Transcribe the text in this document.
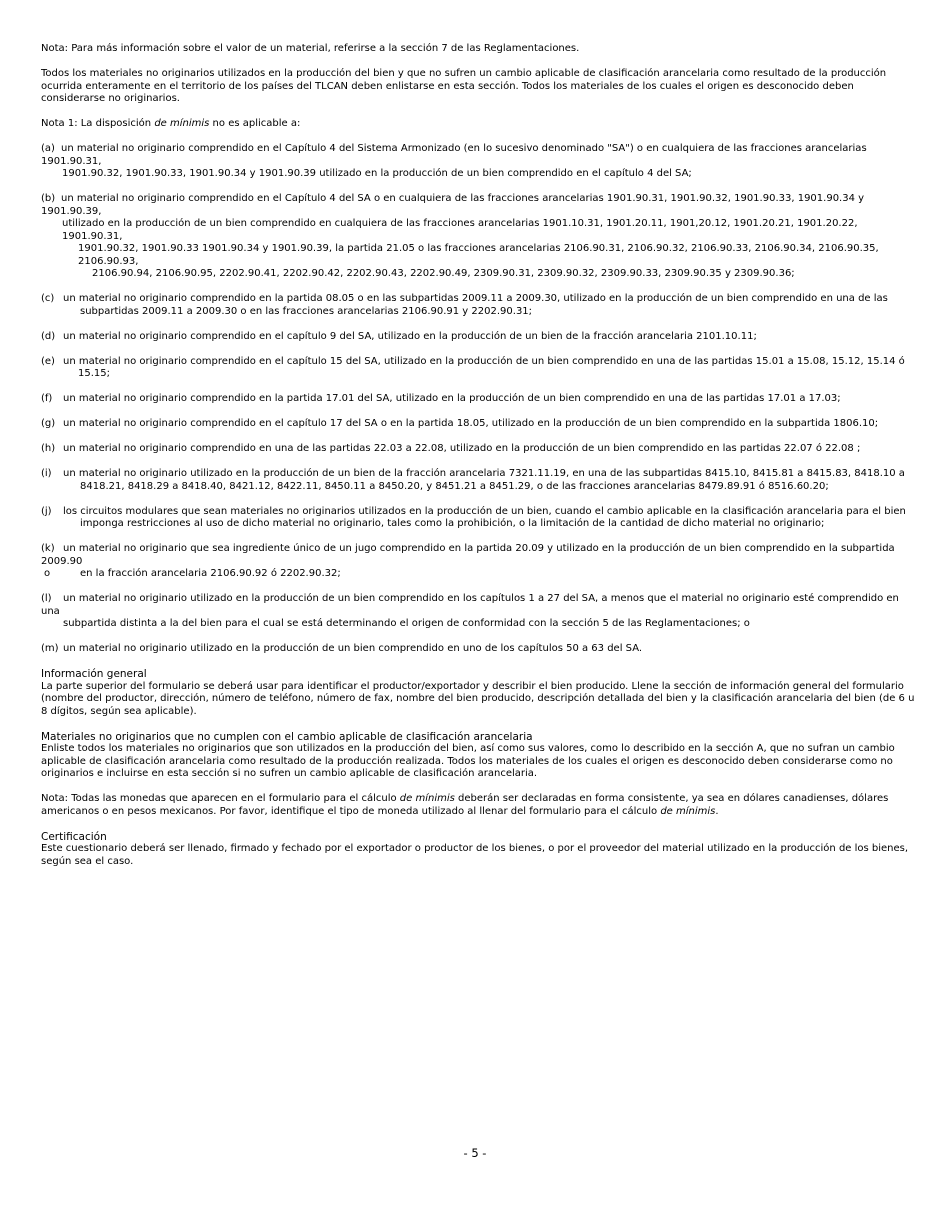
Nota: Para más información sobre el valor de un material, referirse a la sección 7 de las Reglamentaciones.

Todos los materiales no originarios utilizados en la producción del bien y que no sufren un cambio aplicable de clasificación arancelaria como resultado de la producción ocurrida enteramente en el territorio de los países del TLCAN deben enlistarse en esta sección. Todos los materiales de los cuales el origen es desconocido deben considerarse no originarios.

Nota 1: La disposición de mínimis no es aplicable a:

(a) un material no originario comprendido en el Capítulo 4 del Sistema Armonizado (en lo sucesivo denominado "SA") o en cualquiera de las fracciones arancelarias 1901.90.31,
1901.90.32, 1901.90.33, 1901.90.34 y 1901.90.39 utilizado en la producción de un bien comprendido en el capítulo 4 del SA;
(b) un material no originario comprendido en el Capítulo 4 del SA o en cualquiera de las fracciones arancelarias 1901.90.31, 1901.90.32, 1901.90.33, 1901.90.34 y 1901.90.39,
utilizado en la producción de un bien comprendido en cualquiera de las fracciones arancelarias 1901.10.31, 1901.20.11, 1901,20.12, 1901.20.21, 1901.20.22, 1901.90.31,
1901.90.32, 1901.90.33 1901.90.34 y 1901.90.39, la partida 21.05 o las fracciones arancelarias 2106.90.31, 2106.90.32, 2106.90.33, 2106.90.34, 2106.90.35, 2106.90.93,
2106.90.94, 2106.90.95, 2202.90.41, 2202.90.42, 2202.90.43, 2202.90.49, 2309.90.31, 2309.90.32, 2309.90.33, 2309.90.35 y 2309.90.36;
(c) un material no originario comprendido en la partida 08.05 o en las subpartidas 2009.11 a 2009.30, utilizado en la producción de un bien comprendido en una de las
subpartidas 2009.11 a 2009.30 o en las fracciones arancelarias 2106.90.91 y 2202.90.31;
(d) un material no originario comprendido en el capítulo 9 del SA, utilizado en la producción de un bien de la fracción arancelaria 2101.10.11;
(e) un material no originario comprendido en el capítulo 15 del SA, utilizado en la producción de un bien comprendido en una de las partidas 15.01 a 15.08, 15.12, 15.14 ó
15.15;
(f) un material no originario comprendido en la partida 17.01 del SA, utilizado en la producción de un bien comprendido en una de las partidas 17.01 a 17.03;
(g) un material no originario comprendido en el capítulo 17 del SA o en la partida 18.05, utilizado en la producción de un bien comprendido en la subpartida 1806.10;
(h) un material no originario comprendido en una de las partidas 22.03 a 22.08, utilizado en la producción de un bien comprendido en las partidas 22.07 ó 22.08 ;
(i) un material no originario utilizado en la producción de un bien de la fracción arancelaria 7321.11.19, en una de las subpartidas 8415.10, 8415.81 a 8415.83, 8418.10 a
8418.21, 8418.29 a 8418.40, 8421.12, 8422.11, 8450.11 a 8450.20, y 8451.21 a 8451.29, o de las fracciones arancelarias 8479.89.91 ó 8516.60.20;
(j) los circuitos modulares que sean materiales no originarios utilizados en la producción de un bien, cuando el cambio aplicable en la clasificación arancelaria para el bien
imponga restricciones al uso de dicho material no originario, tales como la prohibición, o la limitación de la cantidad de dicho material no originario;
(k) un material no originario que sea ingrediente único de un jugo comprendido en la partida 20.09 y utilizado en la producción de un bien comprendido en la subpartida 2009.90
o	en la fracción arancelaria 2106.90.92 ó 2202.90.32;
(l) un material no originario utilizado en la producción de un bien comprendido en los capítulos 1 a 27 del SA, a menos que el material no originario esté comprendido en una
subpartida distinta a la del bien para el cual se está determinando el origen de conformidad con la sección 5 de las Reglamentaciones; o
(m) un material no originario utilizado en la producción de un bien comprendido en uno de los capítulos 50 a 63 del SA.
Información general
La parte superior del formulario se deberá usar para identificar el productor/exportador y describir el bien producido. Llene la sección de información general del formulario (nombre del productor, dirección, número de teléfono, número de fax, nombre del bien producido, descripción detallada del bien y la clasificación arancelaria del bien (de 6 u 8 dígitos, según sea aplicable).
Materiales no originarios que no cumplen con el cambio aplicable de clasificación arancelaria
Enliste todos los materiales no originarios que son utilizados en la producción del bien, así como sus valores, como lo describido en la sección A, que no sufran un cambio aplicable de clasificación arancelaria como resultado de la producción realizada. Todos los materiales de los cuales el origen es desconocido deben considerarse como no originarios e incluirse en esta sección si no sufren un cambio aplicable de clasificación arancelaria.

Nota: Todas las monedas que aparecen en el formulario para el cálculo de mínimis deberán ser declaradas en forma consistente, ya sea en dólares canadienses, dólares americanos o en pesos mexicanos. Por favor, identifique el tipo de moneda utilizado al llenar del formulario para el cálculo de mínimis.

Certificación
Este cuestionario deberá ser llenado, firmado y fechado por el exportador o productor de los bienes, o por el proveedor del material utilizado en la producción de los bienes, según sea el caso.
- 5 -
